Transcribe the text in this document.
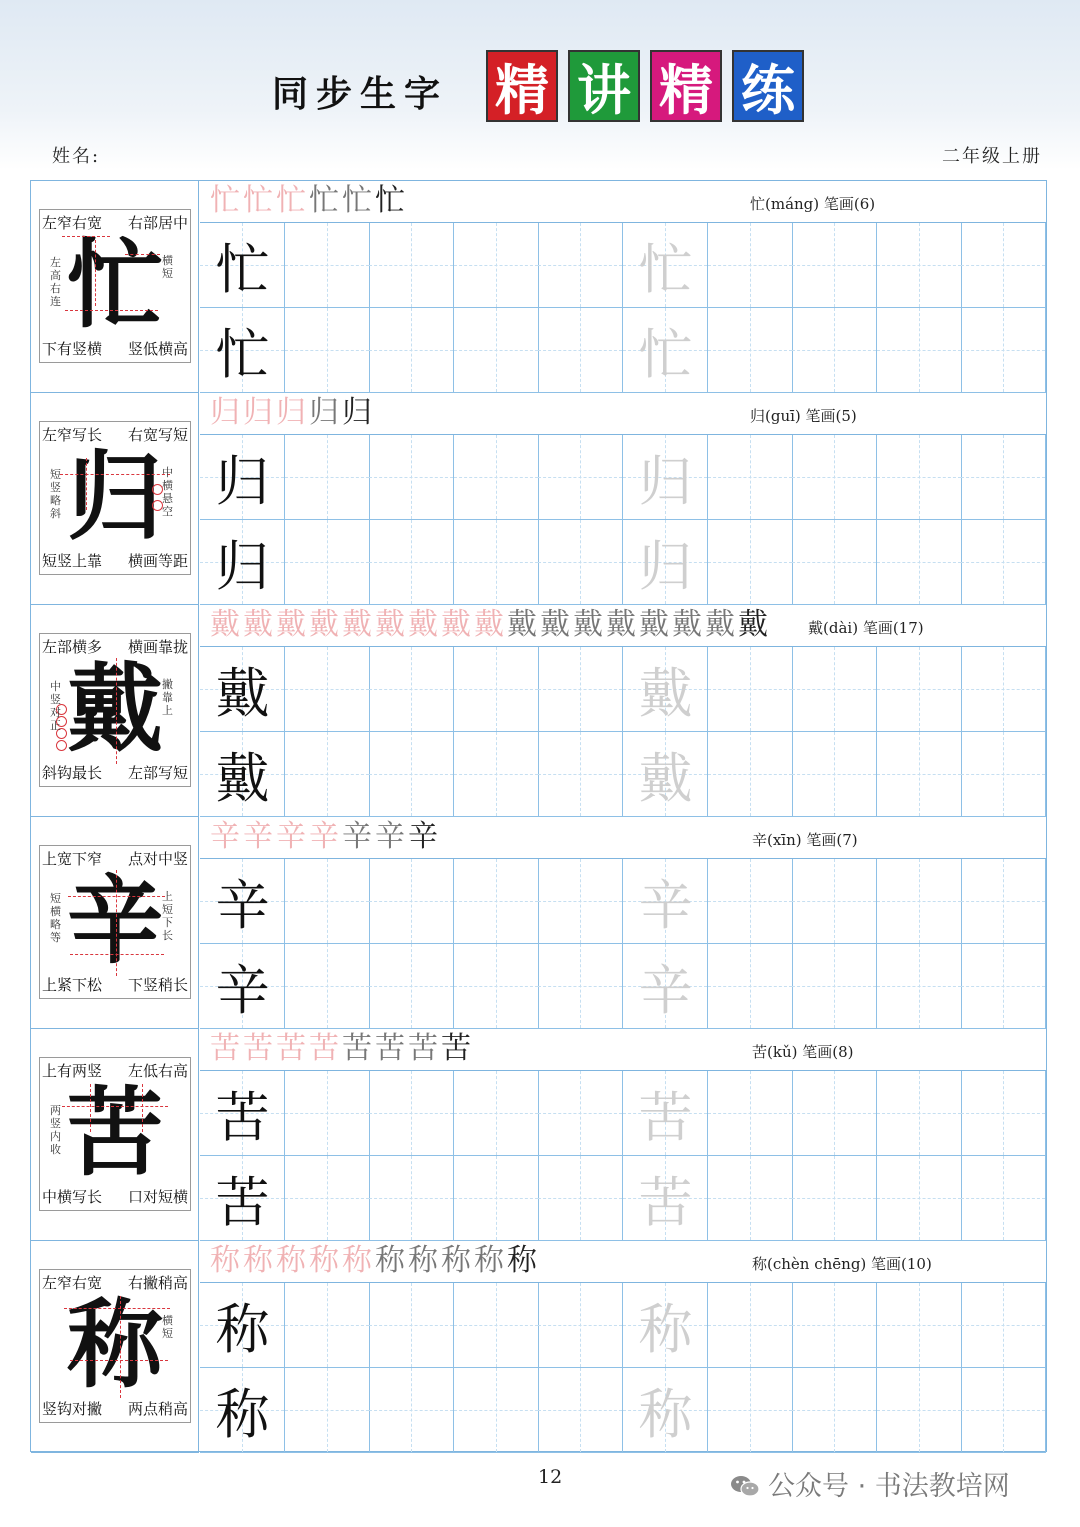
同步生字 精 讲 精 练
姓名:	二年级上册
左窄右宽 右部居中
下有竖横 竖低横高
忙
左高右连
横短
忙忙忙忙忙忙	忙(máng) 笔画(6)
忙	忙
忙	忙
左窄写长 右宽写短
短竖上靠 横画等距
归
短竖略斜
中横悬空
归归归归归	归(guī) 笔画(5)
归	归
归	归
左部横多 横画靠拢
斜钩最长 左部写短
戴
中竖对正
撇靠上
戴戴戴戴戴戴戴戴戴戴戴戴戴戴戴戴戴 戴(dài) 笔画(17)
戴	戴
戴	戴
上宽下窄 点对中竖
上紧下松 下竖稍长
辛
短横略等
上短下长
辛辛辛辛辛辛辛	辛(xīn) 笔画(7)
辛	辛
辛	辛
上有两竖 左低右高
中横写长 口对短横
苦
两竖内收
苦苦苦苦苦苦苦苦	苦(kǔ) 笔画(8)
苦	苦
苦	苦
左窄右宽 右撇稍高
竖钩对撇 两点稍高
称 横短
称称称称称称称称称称	称(chèn chēng) 笔画(10)
称	称
称	称
12	公众号 · 书法教培网
